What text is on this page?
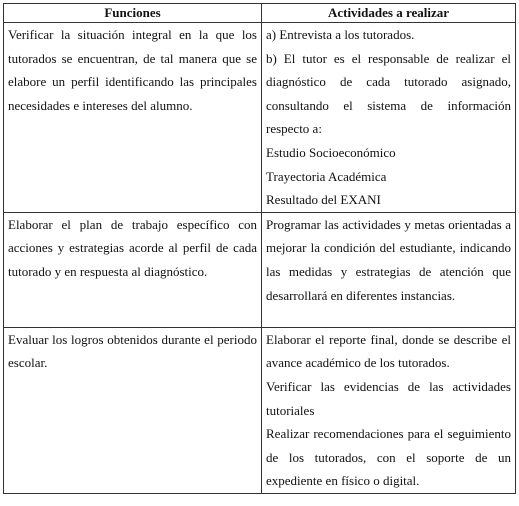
Funciones	Actividades a realizar
Verificar la situación integral en la que los tutorados se encuentran, de tal manera que se elabore un perfil identificando las principales necesidades e intereses del alumno.	a) Entrevista a los tutorados.
b) El tutor es el responsable de realizar el diagnóstico de cada tutorado asignado, consultando el sistema de información respecto a:
Estudio Socioeconómico
Trayectoria Académica
Resultado del EXANI

Elaborar el plan de trabajo específico con acciones y estrategias acorde al perfil de cada tutorado y en respuesta al diagnóstico.	Programar las actividades y metas orientadas a mejorar la condición del estudiante, indicando las medidas y estrategias de atención que desarrollará en diferentes instancias.

Evaluar los logros obtenidos durante el periodo escolar.	Elaborar el reporte final, donde se describe el avance académico de los tutorados.
Verificar las evidencias de las actividades tutoriales
Realizar recomendaciones para el seguimiento de los tutorados, con el soporte de un expediente en físico o digital.
